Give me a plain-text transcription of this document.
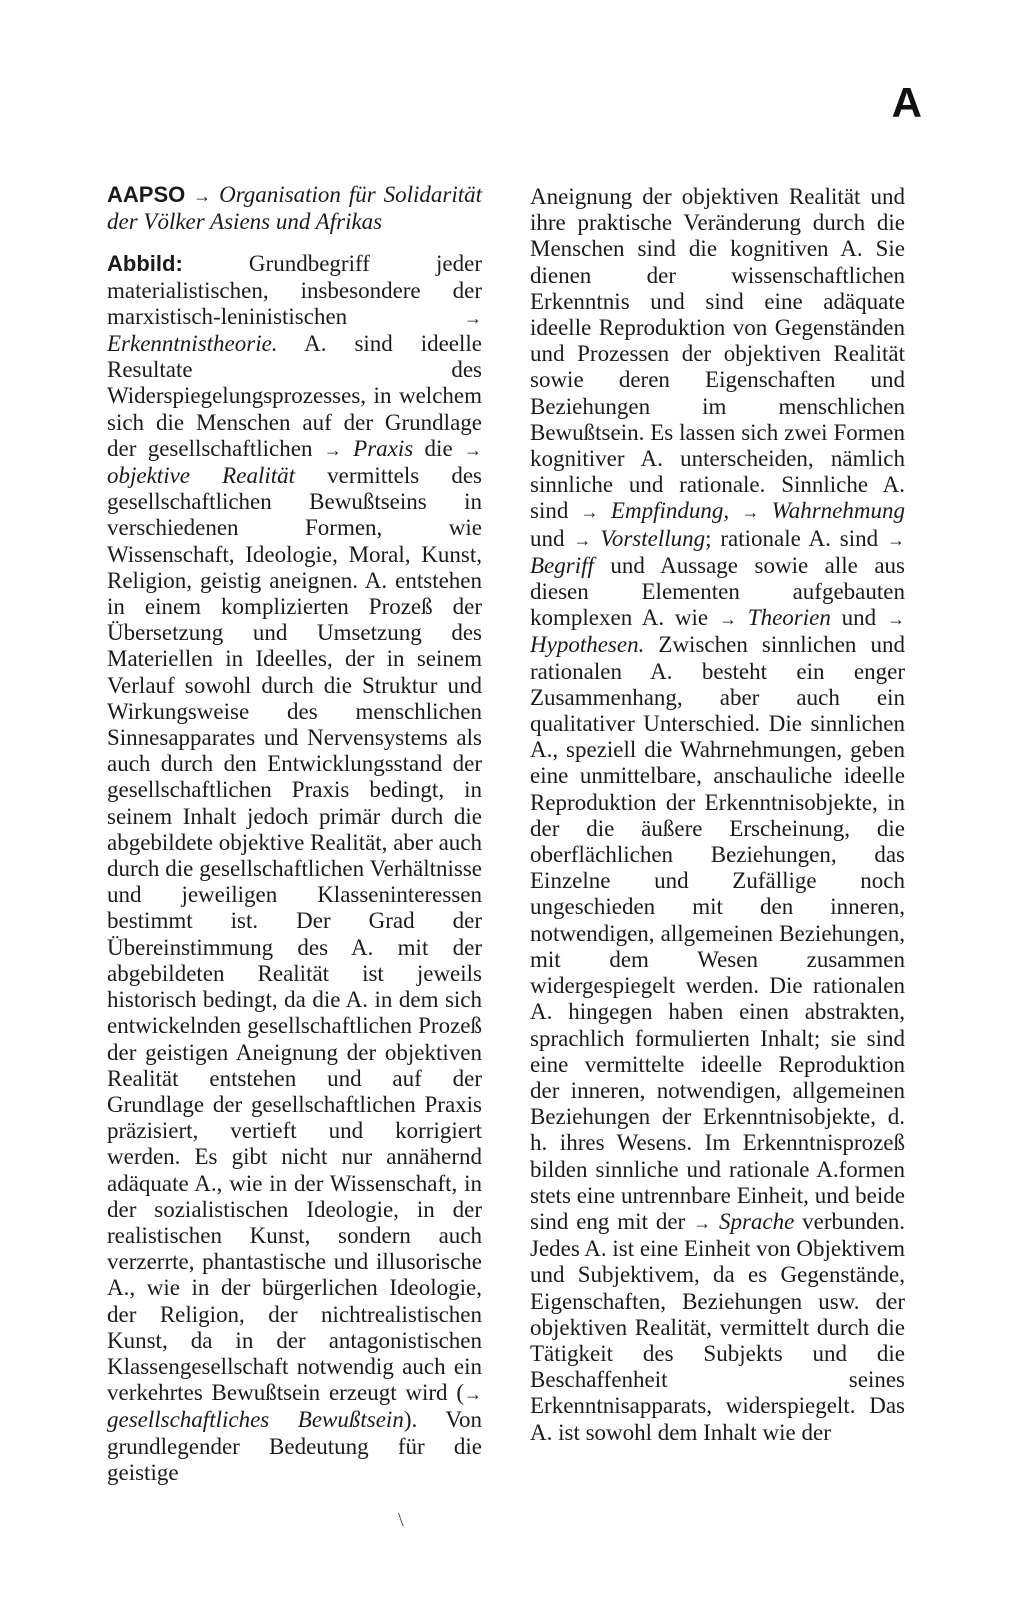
A

AAPSO → Organisation für Solidarität der Völker Asiens und Afrikas

Abbild: Grundbegriff jeder materialistischen, insbesondere der marxistisch-leninistischen → Erkenntnistheorie. A. sind ideelle Resultate des Widerspiegelungsprozesses, in welchem sich die Menschen auf der Grundlage der gesellschaftlichen → Praxis die → objektive Realität vermittels des gesellschaftlichen Bewußtseins in verschiedenen Formen, wie Wissenschaft, Ideologie, Moral, Kunst, Religion, geistig aneignen. A. entstehen in einem komplizierten Prozeß der Übersetzung und Umsetzung des Materiellen in Ideelles, der in seinem Verlauf sowohl durch die Struktur und Wirkungsweise des menschlichen Sinnesapparates und Nervensystems als auch durch den Entwicklungsstand der gesellschaftlichen Praxis bedingt, in seinem Inhalt jedoch primär durch die abgebildete objektive Realität, aber auch durch die gesellschaftlichen Verhältnisse und jeweiligen Klasseninteressen bestimmt ist. Der Grad der Übereinstimmung des A. mit der abgebildeten Realität ist jeweils historisch bedingt, da die A. in dem sich entwickelnden gesellschaftlichen Prozeß der geistigen Aneignung der objektiven Realität entstehen und auf der Grundlage der gesellschaftlichen Praxis präzisiert, vertieft und korrigiert werden. Es gibt nicht nur annähernd adäquate A., wie in der Wissenschaft, in der sozialistischen Ideologie, in der realistischen Kunst, sondern auch verzerrte, phantastische und illusorische A., wie in der bürgerlichen Ideologie, der Religion, der nichtrealistischen Kunst, da in der antagonistischen Klassengesellschaft notwendig auch ein verkehrtes Bewußtsein erzeugt wird (→ gesellschaftliches Bewußtsein). Von grundlegender Bedeutung für die geistige

Aneignung der objektiven Realität und ihre praktische Veränderung durch die Menschen sind die kognitiven A. Sie dienen der wissenschaftlichen Erkenntnis und sind eine adäquate ideelle Reproduktion von Gegenständen und Prozessen der objektiven Realität sowie deren Eigenschaften und Beziehungen im menschlichen Bewußtsein. Es lassen sich zwei Formen kognitiver A. unterscheiden, nämlich sinnliche und rationale. Sinnliche A. sind → Empfindung, → Wahrnehmung und → Vorstellung; rationale A. sind → Begriff und Aussage sowie alle aus diesen Elementen aufgebauten komplexen A. wie → Theorien und → Hypothesen. Zwischen sinnlichen und rationalen A. besteht ein enger Zusammenhang, aber auch ein qualitativer Unterschied. Die sinnlichen A., speziell die Wahrnehmungen, geben eine unmittelbare, anschauliche ideelle Reproduktion der Erkenntnisobjekte, in der die äußere Erscheinung, die oberflächlichen Beziehungen, das Einzelne und Zufällige noch ungeschieden mit den inneren, notwendigen, allgemeinen Beziehungen, mit dem Wesen zusammen widergespiegelt werden. Die rationalen A. hingegen haben einen abstrakten, sprachlich formulierten Inhalt; sie sind eine vermittelte ideelle Reproduktion der inneren, notwendigen, allgemeinen Beziehungen der Erkenntnisobjekte, d. h. ihres Wesens. Im Erkenntnisprozeß bilden sinnliche und rationale A.formen stets eine untrennbare Einheit, und beide sind eng mit der → Sprache verbunden. Jedes A. ist eine Einheit von Objektivem und Subjektivem, da es Gegenstände, Eigenschaften, Beziehungen usw. der objektiven Realität, vermittelt durch die Tätigkeit des Subjekts und die Beschaffenheit seines Erkenntnisapparats, widerspiegelt. Das A. ist sowohl dem Inhalt wie der

\
